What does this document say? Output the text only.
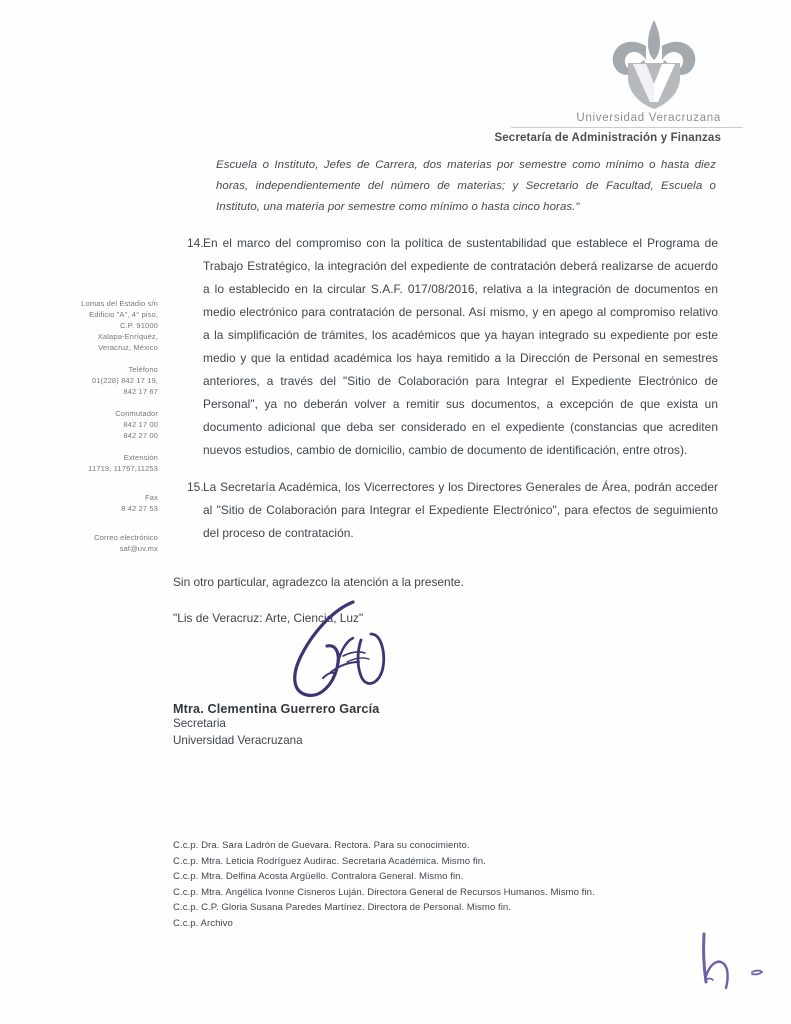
Universidad Veracruzana
Secretaría de Administración y Finanzas
Lomas del Estadio s/n
Edificio "A", 4° piso,
C.P. 91000
Xalapa-Enríquez,
Veracruz, México
Teléfono
01(228) 842 17 19,
842 17 67
Conmutador
842 17 00
842 27 00
Extensión
11719, 11767,11253
Fax
8 42 27 53
Correo electrónico
saf@uv.mx
Escuela o Instituto, Jefes de Carrera, dos materias por semestre como mínimo o hasta diez horas, independientemente del número de materias; y Secretario de Facultad, Escuela o Instituto, una materia por semestre como mínimo o hasta cinco horas."
14. En el marco del compromiso con la política de sustentabilidad que establece el Programa de Trabajo Estratégico, la integración del expediente de contratación deberá realizarse de acuerdo a lo establecido en la circular S.A.F. 017/08/2016, relativa a la integración de documentos en medio electrónico para contratación de personal. Así mismo, y en apego al compromiso relativo a la simplificación de trámites, los académicos que ya hayan integrado su expediente por este medio y que la entidad académica los haya remitido a la Dirección de Personal en semestres anteriores, a través del "Sitio de Colaboración para Integrar el Expediente Electrónico de Personal", ya no deberán volver a remitir sus documentos, a excepción de que exista un documento adicional que deba ser considerado en el expediente (constancias que acrediten nuevos estudios, cambio de domicilio, cambio de documento de identificación, entre otros).
15. La Secretaría Académica, los Vicerrectores y los Directores Generales de Área, podrán acceder al "Sitio de Colaboración para Integrar el Expediente Electrónico", para efectos de seguimiento del proceso de contratación.
Sin otro particular, agradezco la atención a la presente.
"Lis de Veracruz: Arte, Ciencia, Luz"
Mtra. Clementina Guerrero García
Secretaria
Universidad Veracruzana
C.c.p. Dra. Sara Ladrón de Guevara. Rectora. Para su conocimiento.
C.c.p. Mtra. Leticia Rodríguez Audirac. Secretaria Académica. Mismo fin.
C.c.p. Mtra. Delfina Acosta Argüello. Contralora General. Mismo fin.
C.c.p. Mtra. Angélica Ivonne Cisneros Luján. Directora General de Recursos Humanos. Mismo fin.
C.c.p. C.P. Gloria Susana Paredes Martínez. Directora de Personal. Mismo fin.
C.c.p. Archivo
